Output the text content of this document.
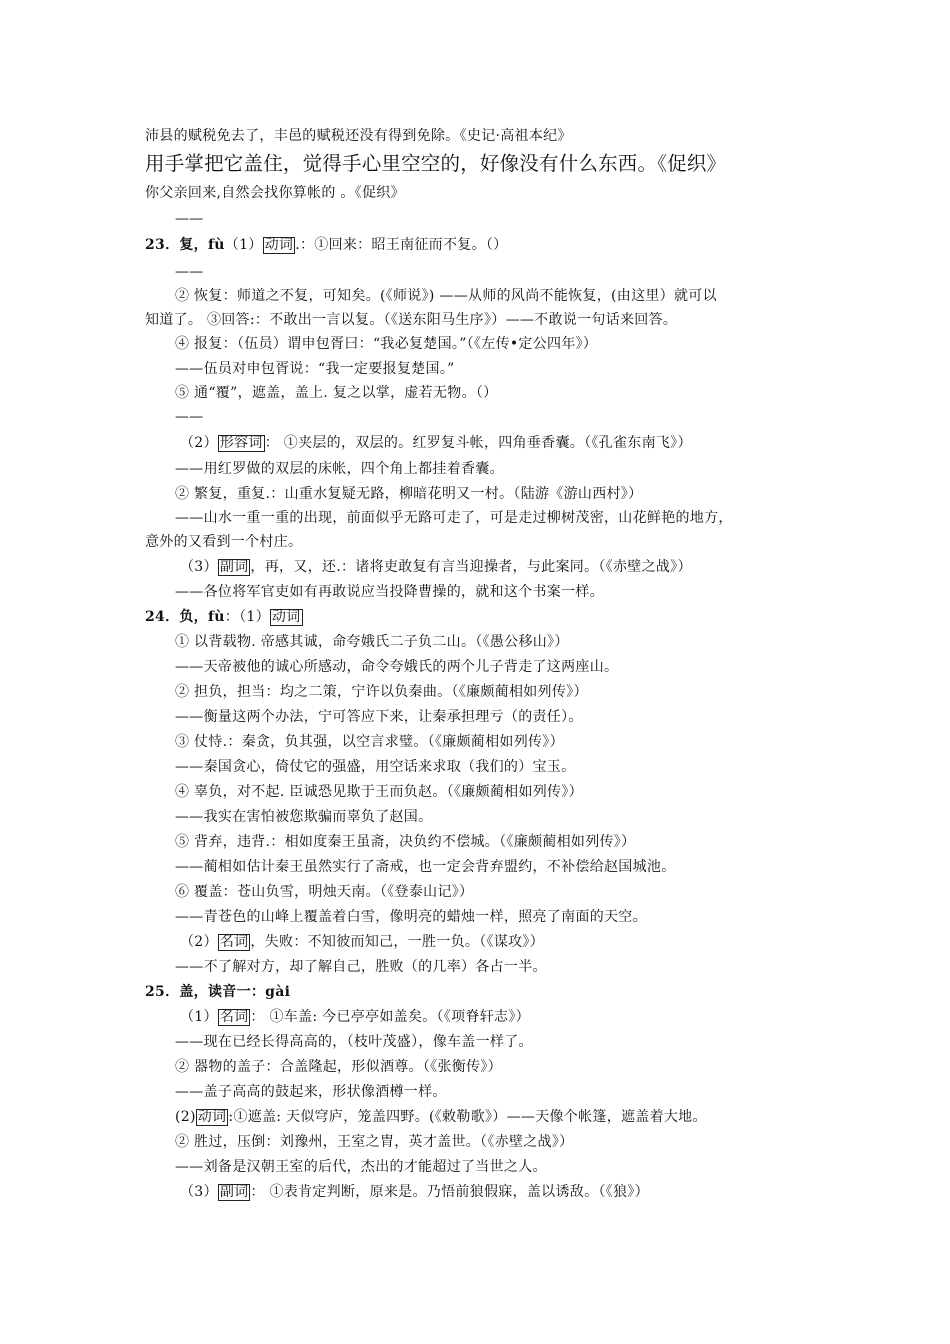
沛县的赋税免去了，丰邑的赋税还没有得到免除。《史记·高祖本纪》
用手掌把它盖住，觉得手心里空空的，好像没有什么东西。《促织》
你父亲回来,自然会找你算帐的 。《促织》
——
23．复，fù（1） 动词 .：①回来：昭王南征而不复。（）
——
② 恢复：师道之不复，可知矣。(《师说》) ——从师的风尚不能恢复，(由这里）就可以
知道了。 ③回答:：不敢出一言以复。（《送东阳马生序》）——不敢说一句话来回答。
④ 报复：（伍员）谓申包胥曰：“我必复楚国。”（《左传•定公四年》）
——伍员对申包胥说：“我一定要报复楚国。”
⑤ 通“覆”，遮盖，盖上. 复之以掌，虚若无物。（）
——
（2） 形容词 ： ①夹层的，双层的。红罗复斗帐，四角垂香囊。（《孔雀东南飞》）
——用红罗做的双层的床帐，四个角上都挂着香囊。
② 繁复，重复.：山重水复疑无路，柳暗花明又一村。（陆游《游山西村》）
——山水一重一重的出现，前面似乎无路可走了，可是走过柳树茂密，山花鲜艳的地方，
意外的又看到一个村庄。
（3） 副词 ，再，又，还.：诸将吏敢复有言当迎操者，与此案同。（《赤壁之战》）
——各位将军官吏如有再敢说应当投降曹操的，就和这个书案一样。
24．负，fù：（1） 动词
① 以背载物. 帝感其诚，命夸娥氏二子负二山。（《愚公移山》）
——天帝被他的诚心所感动，命令夸娥氏的两个儿子背走了这两座山。
② 担负，担当：均之二策，宁许以负秦曲。（《廉颇蔺相如列传》）
——衡量这两个办法，宁可答应下来，让秦承担理亏（的责任）。
③ 仗恃.：秦贪，负其强，以空言求璧。（《廉颇蔺相如列传》）
——秦国贪心，倚仗它的强盛，用空话来求取（我们的）宝玉。
④ 辜负，对不起. 臣诚恐见欺于王而负赵。（《廉颇蔺相如列传》）
——我实在害怕被您欺骗而辜负了赵国。
⑤ 背弃，违背.：相如度秦王虽斋，决负约不偿城。（《廉颇蔺相如列传》）
——蔺相如估计秦王虽然实行了斋戒，也一定会背弃盟约，不补偿给赵国城池。
⑥ 覆盖：苍山负雪，明烛天南。（《登泰山记》）
——青苍色的山峰上覆盖着白雪，像明亮的蜡烛一样，照亮了南面的天空。
（2） 名词 ，失败：不知彼而知己，一胜一负。（《谋攻》）
——不了解对方，却了解自己，胜败（的几率）各占一半。
25．盖，读音一：gài
（1） 名词 ： ①车盖: 今已亭亭如盖矣。（《项脊轩志》）
——现在已经长得高高的，（枝叶茂盛），像车盖一样了。
② 器物的盖子：合盖隆起，形似酒尊。（《张衡传》）
——盖子高高的鼓起来，形状像酒樽一样。
(2) 动词 :①遮盖: 天似穹庐，笼盖四野。(《敕勒歌》）——天像个帐篷，遮盖着大地。
② 胜过，压倒：刘豫州，王室之胄，英才盖世。（《赤壁之战》）
——刘备是汉朝王室的后代，杰出的才能超过了当世之人。
（3） 副词 ： ①表肯定判断，原来是。乃悟前狼假寐，盖以诱敌。（《狼》）
